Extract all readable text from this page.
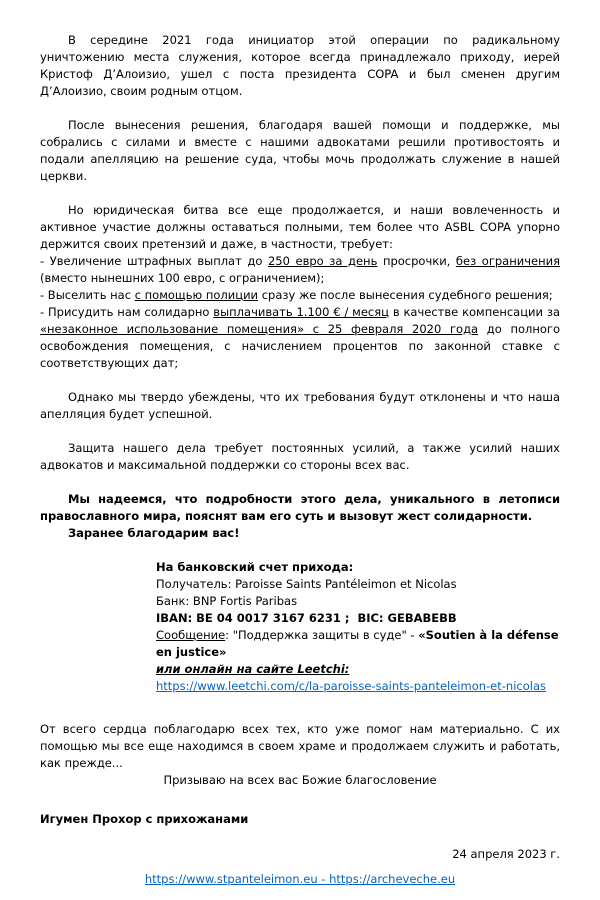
В середине 2021 года инициатор этой операции по радикальному уничтожению места служения, которое всегда принадлежало приходу, иерей Кристоф Д’Алоизио, ушел с поста президента COPA и был сменен другим Д’Алоизио, своим родным отцом.

После вынесения решения, благодаря вашей помощи и поддержке, мы собрались с силами и вместе с нашими адвокатами решили противостоять и подали апелляцию на решение суда, чтобы мочь продолжать служение в нашей церкви.

Но юридическая битва все еще продолжается, и наши вовлеченность и активное участие должны оставаться полными, тем более что ASBL COPA упорно держится своих претензий и даже, в частности, требует:

- Увеличение штрафных выплат до 250 евро за день просрочки, без ограничения (вместо нынешних 100 евро, с ограничением);

- Выселить нас с помощью полиции сразу же после вынесения судебного решения;

- Присудить нам солидарно выплачивать 1.100 € / месяц в качестве компенсации за «незаконное использование помещения» с 25 февраля 2020 года до полного освобождения помещения, с начислением процентов по законной ставке с соответствующих дат;

Однако мы твердо убеждены, что их требования будут отклонены и что наша апелляция будет успешной.

Защита нашего дела требует постоянных усилий, а также усилий наших адвокатов и максимальной поддержки со стороны всех вас.

Мы надеемся, что подробности этого дела, уникального в летописи православного мира, пояснят вам его суть и вызовут жест солидарности.

Заранее благодарим вас!

На банковский счет прихода:

Получатель: Paroisse Saints Pantéleimon et Nicolas

Банк: BNP Fortis Paribas

IBAN: BE 04 0017 3167 6231 ;  BIC: GEBABEBB

Сообщение: "Поддержка защиты в суде" - «Soutien à la défense en justice»

или онлайн на сайте Leetchi:

https://www.leetchi.com/c/la-paroisse-saints-panteleimon-et-nicolas

От всего сердца поблагодарю всех тех, кто уже помог нам материально. С их помощью мы все еще находимся в своем храме и продолжаем служить и работать, как прежде...

Призываю на всех вас Божие благословение

Игумен Прохор с прихожанами

24 апреля 2023 г.

https://www.stpanteleimon.eu - https://archeveche.eu
